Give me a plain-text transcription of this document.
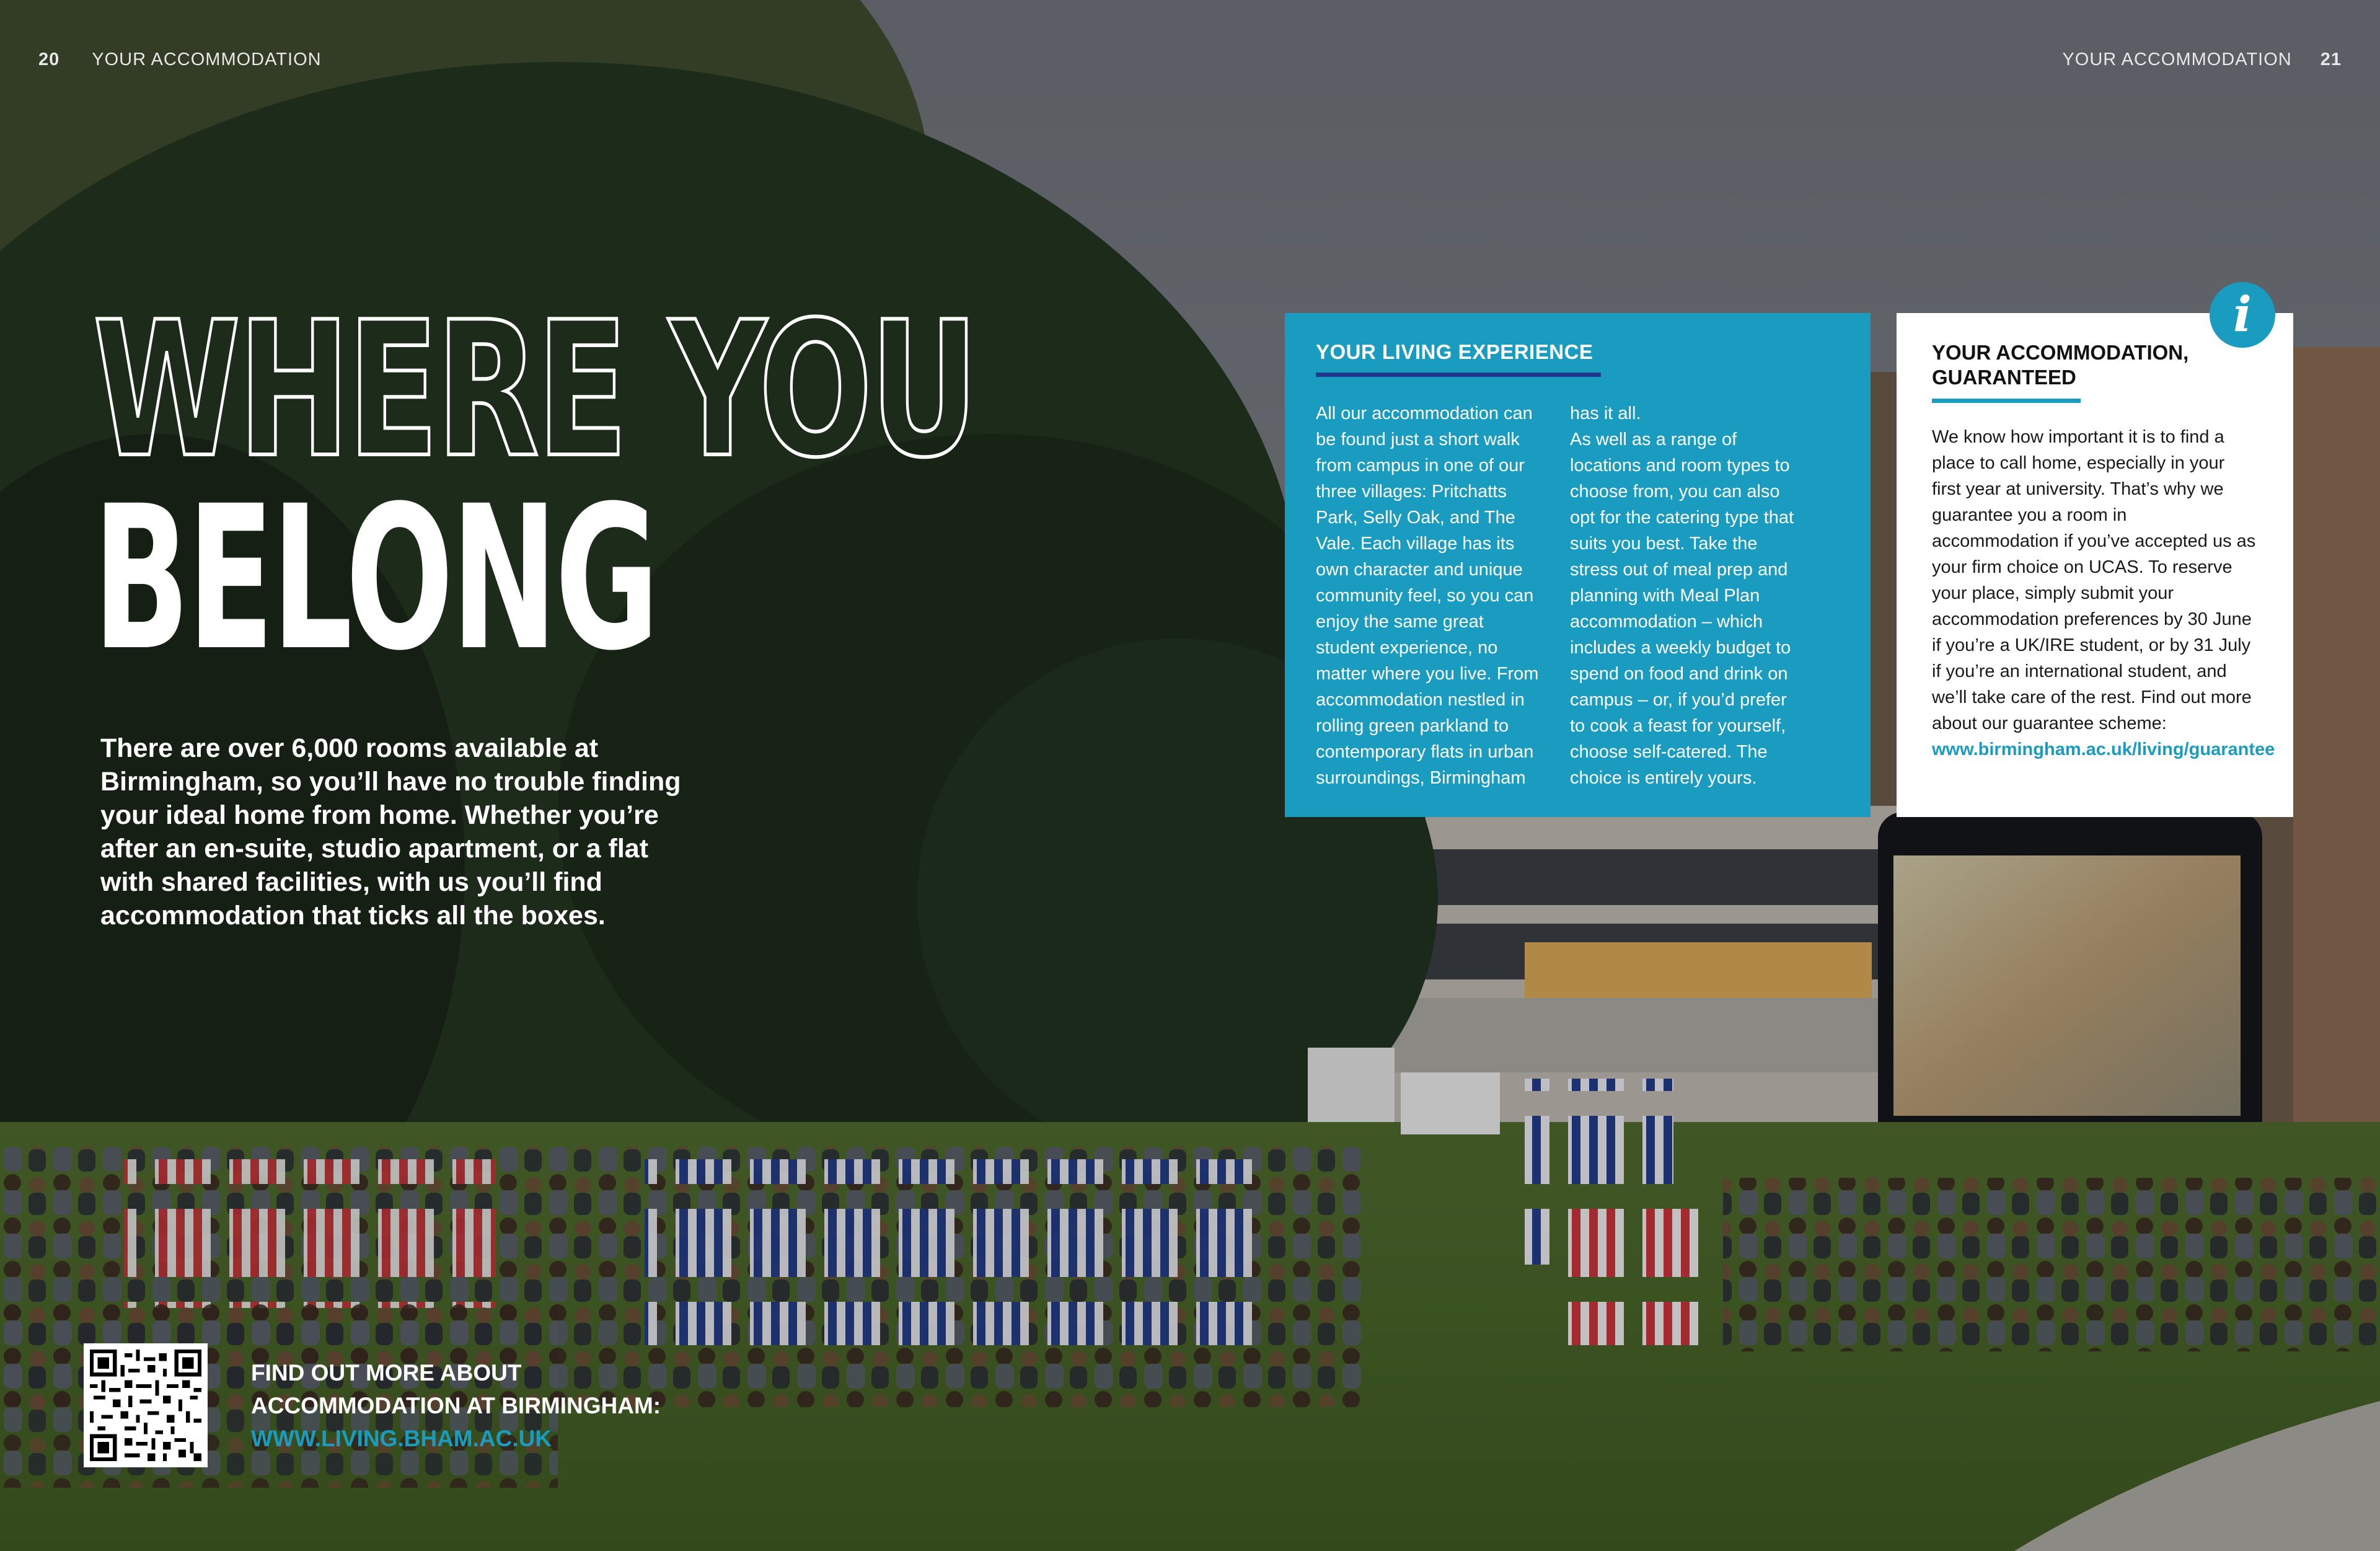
20 YOUR ACCOMMODATION	YOUR ACCOMMODATION 21
WHERE YOU
BELONG
There are over 6,000 rooms available at Birmingham, so you’ll have no trouble finding your ideal home from home. Whether you’re after an en-suite, studio apartment, or a flat with shared facilities, with us you’ll find accommodation that ticks all the boxes.
YOUR LIVING EXPERIENCE
All our accommodation can be found just a short walk from campus in one of our three villages: Pritchatts Park, Selly Oak, and The Vale. Each village has its own character and unique community feel, so you can enjoy the same great student experience, no matter where you live. From accommodation nestled in rolling green parkland to contemporary flats in urban surroundings, Birmingham
has it all.
As well as a range of locations and room types to choose from, you can also opt for the catering type that suits you best. Take the stress out of meal prep and planning with Meal Plan accommodation – which includes a weekly budget to spend on food and drink on campus – or, if you’d prefer to cook a feast for yourself, choose self-catered. The choice is entirely yours.
YOUR ACCOMMODATION, GUARANTEED

We know how important it is to find a place to call home, especially in your first year at university. That’s why we guarantee you a room in accommodation if you’ve accepted us as your firm choice on UCAS. To reserve your place, simply submit your accommodation preferences by 30 June if you’re a UK/IRE student, or by 31 July if you’re an international student, and we’ll take care of the rest. Find out more about our guarantee scheme: www.birmingham.ac.uk/living/guarantee

i
FIND OUT MORE ABOUT
ACCOMMODATION AT BIRMINGHAM:
WWW.LIVING.BHAM.AC.UK
